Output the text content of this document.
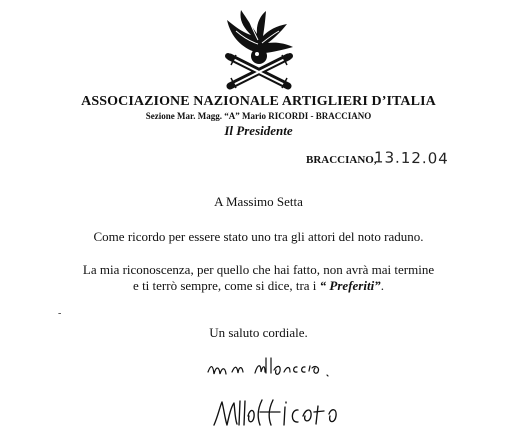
ASSOCIAZIONE NAZIONALE ARTIGLIERI D’ITALIA
Sezione Mar. Magg. “A” Mario RICORDI - BRACCIANO
Il Presidente
BRACCIANO,
13.12.04
A Massimo Setta
Come ricordo per essere stato uno tra gli attori del noto raduno.
La mia riconoscenza, per quello che hai fatto, non avrà mai termine
e ti terrò sempre, come si dice, tra i “ Preferiti”.
-
Un saluto cordiale.
